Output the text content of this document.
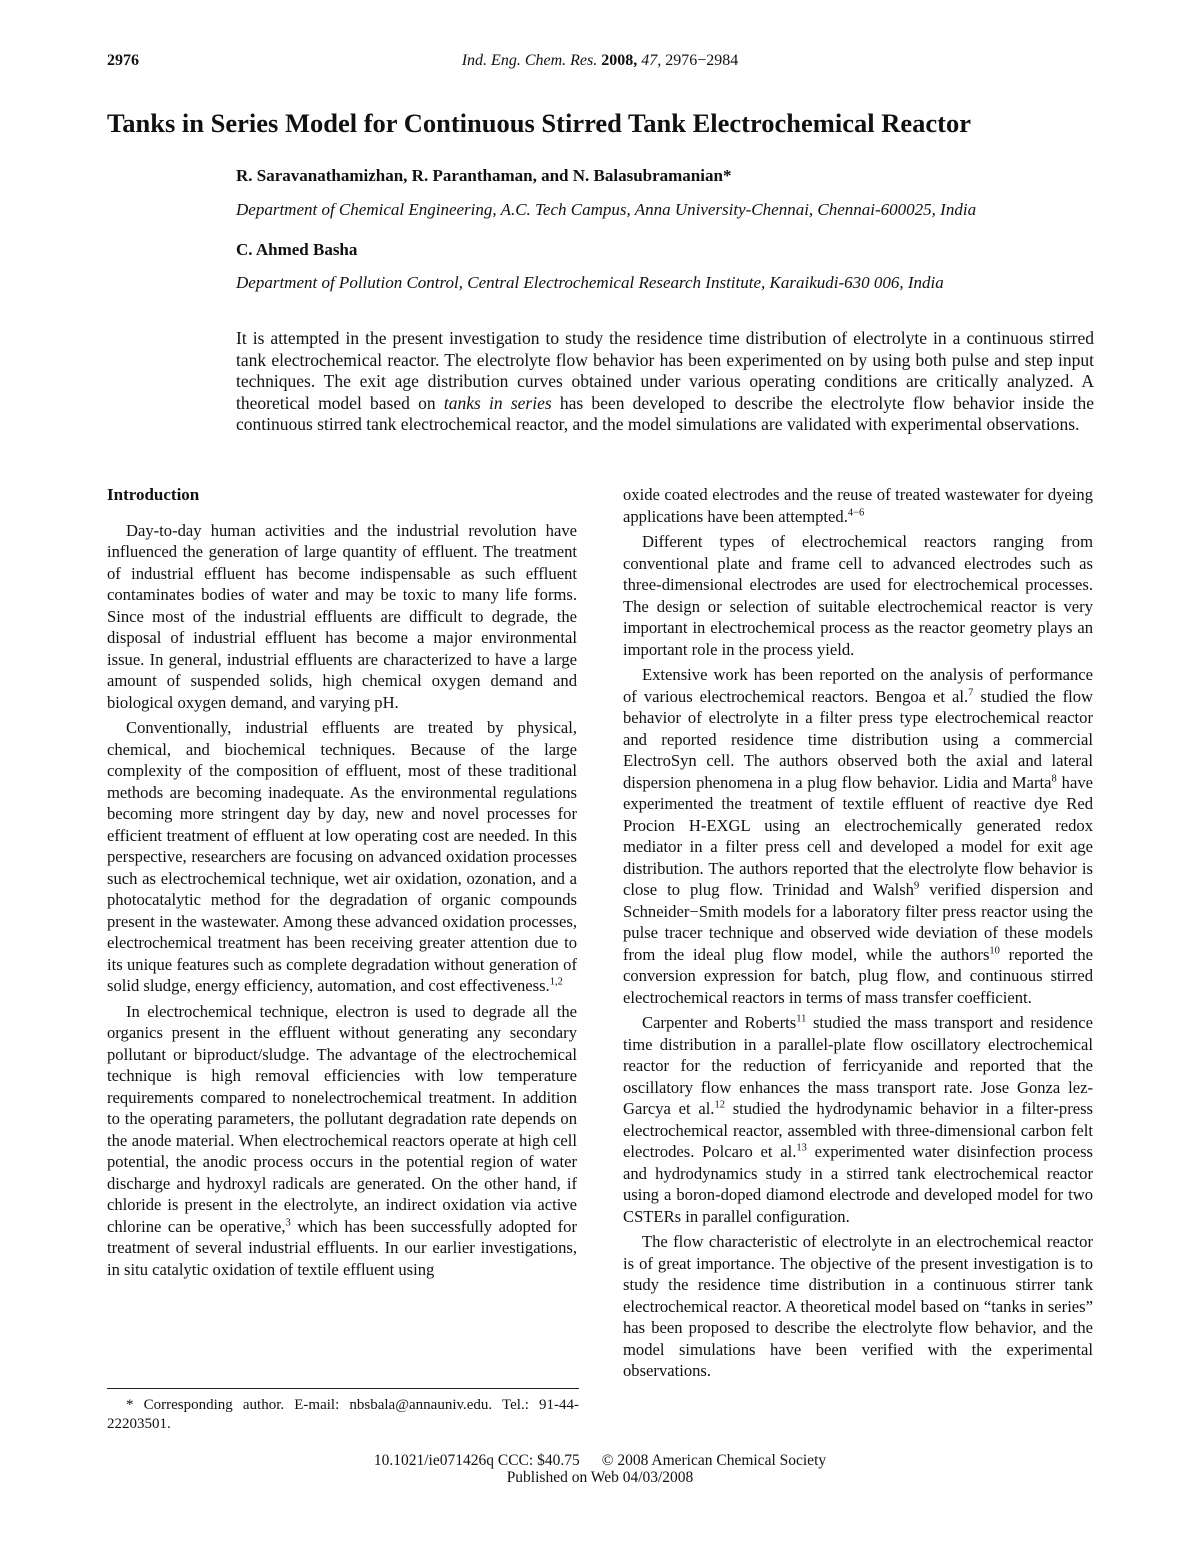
2976	Ind. Eng. Chem. Res. 2008, 47, 2976−2984
Tanks in Series Model for Continuous Stirred Tank Electrochemical Reactor
R. Saravanathamizhan, R. Paranthaman, and N. Balasubramanian*
Department of Chemical Engineering, A.C. Tech Campus, Anna University-Chennai, Chennai-600025, India
C. Ahmed Basha
Department of Pollution Control, Central Electrochemical Research Institute, Karaikudi-630 006, India
It is attempted in the present investigation to study the residence time distribution of electrolyte in a continuous stirred tank electrochemical reactor. The electrolyte flow behavior has been experimented on by using both pulse and step input techniques. The exit age distribution curves obtained under various operating conditions are critically analyzed. A theoretical model based on tanks in series has been developed to describe the electrolyte flow behavior inside the continuous stirred tank electrochemical reactor, and the model simulations are validated with experimental observations.
Introduction

Day-to-day human activities and the industrial revolution have influenced the generation of large quantity of effluent. The treatment of industrial effluent has become indispensable as such effluent contaminates bodies of water and may be toxic to many life forms. Since most of the industrial effluents are difficult to degrade, the disposal of industrial effluent has become a major environmental issue. In general, industrial effluents are characterized to have a large amount of suspended solids, high chemical oxygen demand and biological oxygen demand, and varying pH.

Conventionally, industrial effluents are treated by physical, chemical, and biochemical techniques. Because of the large complexity of the composition of effluent, most of these traditional methods are becoming inadequate. As the environmental regulations becoming more stringent day by day, new and novel processes for efficient treatment of effluent at low operating cost are needed. In this perspective, researchers are focusing on advanced oxidation processes such as electrochemical technique, wet air oxidation, ozonation, and a photocatalytic method for the degradation of organic compounds present in the wastewater. Among these advanced oxidation processes, electrochemical treatment has been receiving greater attention due to its unique features such as complete degradation without generation of solid sludge, energy efficiency, automation, and cost effectiveness.$^{1,2}$

In electrochemical technique, electron is used to degrade all the organics present in the effluent without generating any secondary pollutant or biproduct/sludge. The advantage of the electrochemical technique is high removal efficiencies with low temperature requirements compared to nonelectrochemical treatment. In addition to the operating parameters, the pollutant degradation rate depends on the anode material. When electrochemical reactors operate at high cell potential, the anodic process occurs in the potential region of water discharge and hydroxyl radicals are generated. On the other hand, if chloride is present in the electrolyte, an indirect oxidation via active chlorine can be operative,$^3$ which has been successfully adopted for treatment of several industrial effluents. In our earlier investigations, in situ catalytic oxidation of textile effluent using

* Corresponding author. E-mail: nbsbala@annauniv.edu. Tel.: 91-44-22203501.

oxide coated electrodes and the reuse of treated wastewater for dyeing applications have been attempted.$^{4-6}$

Different types of electrochemical reactors ranging from conventional plate and frame cell to advanced electrodes such as three-dimensional electrodes are used for electrochemical processes. The design or selection of suitable electrochemical reactor is very important in electrochemical process as the reactor geometry plays an important role in the process yield.

Extensive work has been reported on the analysis of performance of various electrochemical reactors. Bengoa et al.$^7$ studied the flow behavior of electrolyte in a filter press type electrochemical reactor and reported residence time distribution using a commercial ElectroSyn cell. The authors observed both the axial and lateral dispersion phenomena in a plug flow behavior. Lidia and Marta$^8$ have experimented the treatment of textile effluent of reactive dye Red Procion H-EXGL using an electrochemically generated redox mediator in a filter press cell and developed a model for exit age distribution. The authors reported that the electrolyte flow behavior is close to plug flow. Trinidad and Walsh$^9$ verified dispersion and Schneider−Smith models for a laboratory filter press reactor using the pulse tracer technique and observed wide deviation of these models from the ideal plug flow model, while the authors$^{10}$ reported the conversion expression for batch, plug flow, and continuous stirred electrochemical reactors in terms of mass transfer coefficient.

Carpenter and Roberts$^{11}$ studied the mass transport and residence time distribution in a parallel-plate flow oscillatory electrochemical reactor for the reduction of ferricyanide and reported that the oscillatory flow enhances the mass transport rate. Jose Gonza lez-Garcya et al.$^{12}$ studied the hydrodynamic behavior in a filter-press electrochemical reactor, assembled with three-dimensional carbon felt electrodes. Polcaro et al.$^{13}$ experimented water disinfection process and hydrodynamics study in a stirred tank electrochemical reactor using a boron-doped diamond electrode and developed model for two CSTERs in parallel configuration.

The flow characteristic of electrolyte in an electrochemical reactor is of great importance. The objective of the present investigation is to study the residence time distribution in a continuous stirrer tank electrochemical reactor. A theoretical model based on “tanks in series” has been proposed to describe the electrolyte flow behavior, and the model simulations have been verified with the experimental observations.

10.1021/ie071426q CCC: $40.75 © 2008 American Chemical Society
Published on Web 04/03/2008
